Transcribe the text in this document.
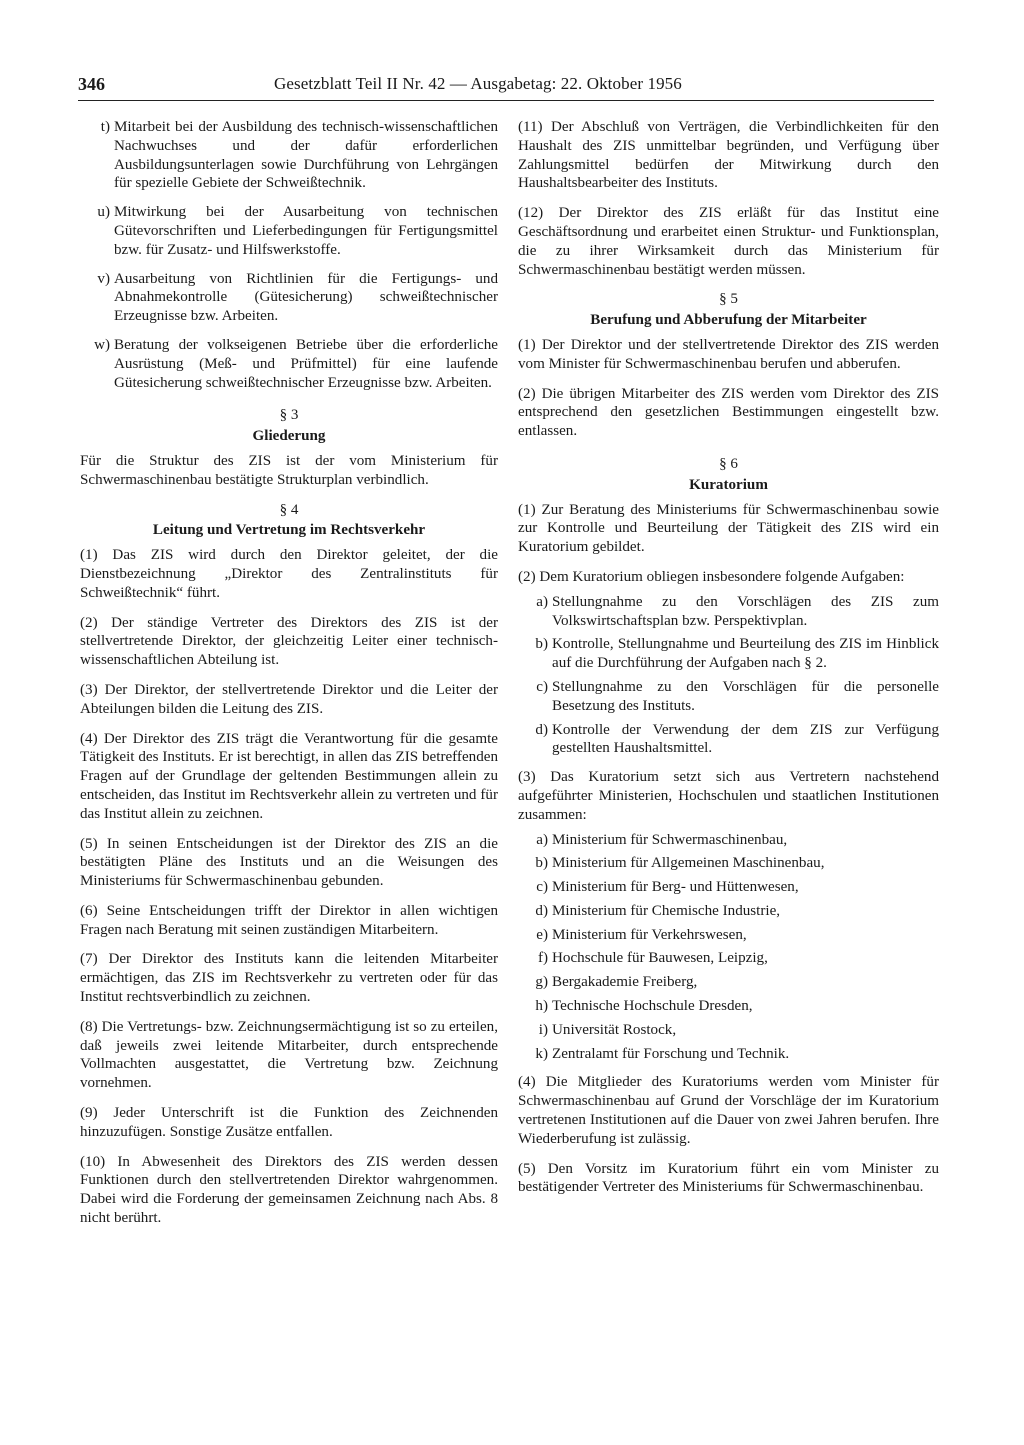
346	Gesetzblatt Teil II Nr. 42 — Ausgabetag: 22. Oktober 1956
t) Mitarbeit bei der Ausbildung des technisch-wissenschaftlichen Nachwuchses und der dafür erforderlichen Ausbildungsunterlagen sowie Durchführung von Lehrgängen für spezielle Gebiete der Schweißtechnik.
u) Mitwirkung bei der Ausarbeitung von technischen Gütevorschriften und Lieferbedingungen für Fertigungsmittel bzw. für Zusatz- und Hilfswerkstoffe.
v) Ausarbeitung von Richtlinien für die Fertigungs- und Abnahmekontrolle (Gütesicherung) schweißtechnischer Erzeugnisse bzw. Arbeiten.
w) Beratung der volkseigenen Betriebe über die erforderliche Ausrüstung (Meß- und Prüfmittel) für eine laufende Gütesicherung schweißtechnischer Erzeugnisse bzw. Arbeiten.
§ 3
Gliederung

Für die Struktur des ZIS ist der vom Ministerium für Schwermaschinenbau bestätigte Strukturplan verbindlich.

§ 4
Leitung und Vertretung im Rechtsverkehr

(1) Das ZIS wird durch den Direktor geleitet, der die Dienstbezeichnung „Direktor des Zentralinstituts für Schweißtechnik“ führt.

(2) Der ständige Vertreter des Direktors des ZIS ist der stellvertretende Direktor, der gleichzeitig Leiter einer technisch-wissenschaftlichen Abteilung ist.

(3) Der Direktor, der stellvertretende Direktor und die Leiter der Abteilungen bilden die Leitung des ZIS.

(4) Der Direktor des ZIS trägt die Verantwortung für die gesamte Tätigkeit des Instituts. Er ist berechtigt, in allen das ZIS betreffenden Fragen auf der Grundlage der geltenden Bestimmungen allein zu entscheiden, das Institut im Rechtsverkehr allein zu vertreten und für das Institut allein zu zeichnen.

(5) In seinen Entscheidungen ist der Direktor des ZIS an die bestätigten Pläne des Instituts und an die Weisungen des Ministeriums für Schwermaschinenbau gebunden.

(6) Seine Entscheidungen trifft der Direktor in allen wichtigen Fragen nach Beratung mit seinen zuständigen Mitarbeitern.

(7) Der Direktor des Instituts kann die leitenden Mitarbeiter ermächtigen, das ZIS im Rechtsverkehr zu vertreten oder für das Institut rechtsverbindlich zu zeichnen.

(8) Die Vertretungs- bzw. Zeichnungsermächtigung ist so zu erteilen, daß jeweils zwei leitende Mitarbeiter, durch entsprechende Vollmachten ausgestattet, die Vertretung bzw. Zeichnung vornehmen.

(9) Jeder Unterschrift ist die Funktion des Zeichnenden hinzuzufügen. Sonstige Zusätze entfallen.

(10) In Abwesenheit des Direktors des ZIS werden dessen Funktionen durch den stellvertretenden Direktor wahrgenommen. Dabei wird die Forderung der gemeinsamen Zeichnung nach Abs. 8 nicht berührt.

(11) Der Abschluß von Verträgen, die Verbindlichkeiten für den Haushalt des ZIS unmittelbar begründen, und Verfügung über Zahlungsmittel bedürfen der Mitwirkung durch den Haushaltsbearbeiter des Instituts.

(12) Der Direktor des ZIS erläßt für das Institut eine Geschäftsordnung und erarbeitet einen Struktur- und Funktionsplan, die zu ihrer Wirksamkeit durch das Ministerium für Schwermaschinenbau bestätigt werden müssen.

§ 5
Berufung und Abberufung der Mitarbeiter

(1) Der Direktor und der stellvertretende Direktor des ZIS werden vom Minister für Schwermaschinenbau berufen und abberufen.

(2) Die übrigen Mitarbeiter des ZIS werden vom Direktor des ZIS entsprechend den gesetzlichen Bestimmungen eingestellt bzw. entlassen.

§ 6
Kuratorium

(1) Zur Beratung des Ministeriums für Schwermaschinenbau sowie zur Kontrolle und Beurteilung der Tätigkeit des ZIS wird ein Kuratorium gebildet.

(2) Dem Kuratorium obliegen insbesondere folgende Aufgaben:

a) Stellungnahme zu den Vorschlägen des ZIS zum Volkswirtschaftsplan bzw. Perspektivplan.
b) Kontrolle, Stellungnahme und Beurteilung des ZIS im Hinblick auf die Durchführung der Aufgaben nach § 2.
c) Stellungnahme zu den Vorschlägen für die personelle Besetzung des Instituts.
d) Kontrolle der Verwendung der dem ZIS zur Verfügung gestellten Haushaltsmittel.

(3) Das Kuratorium setzt sich aus Vertretern nachstehend aufgeführter Ministerien, Hochschulen und staatlichen Institutionen zusammen:

a) Ministerium für Schwermaschinenbau,
b) Ministerium für Allgemeinen Maschinenbau,
c) Ministerium für Berg- und Hüttenwesen,
d) Ministerium für Chemische Industrie,
e) Ministerium für Verkehrswesen,
f) Hochschule für Bauwesen, Leipzig,
g) Bergakademie Freiberg,
h) Technische Hochschule Dresden,
i) Universität Rostock,
k) Zentralamt für Forschung und Technik.

(4) Die Mitglieder des Kuratoriums werden vom Minister für Schwermaschinenbau auf Grund der Vorschläge der im Kuratorium vertretenen Institutionen auf die Dauer von zwei Jahren berufen. Ihre Wiederberufung ist zulässig.

(5) Den Vorsitz im Kuratorium führt ein vom Minister zu bestätigender Vertreter des Ministeriums für Schwermaschinenbau.
